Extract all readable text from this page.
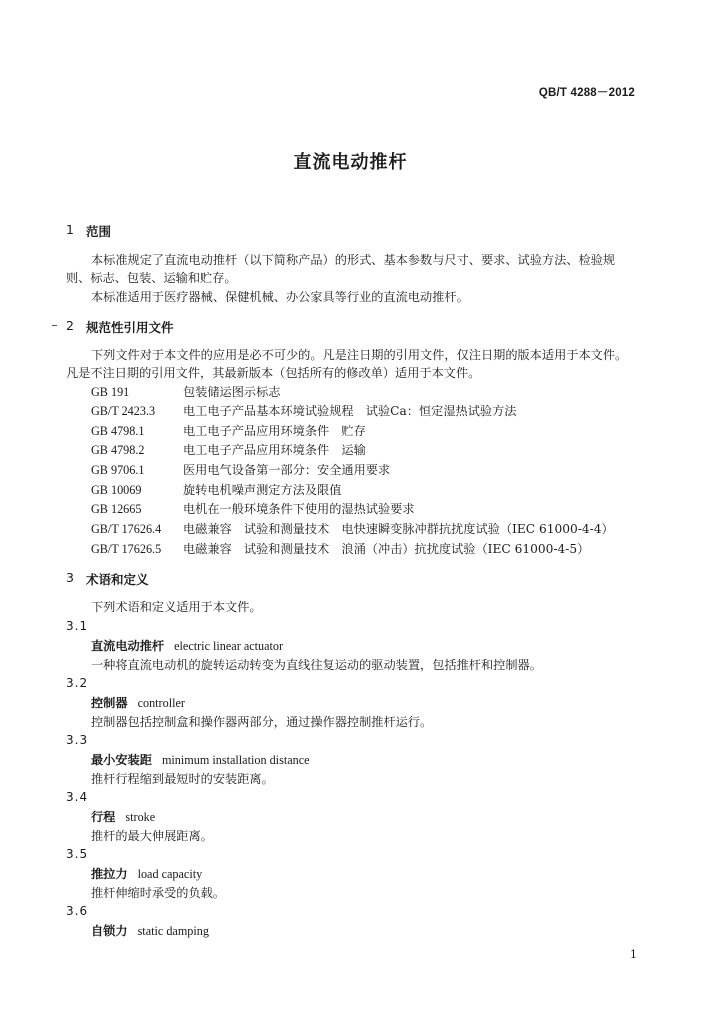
QB/T 4288－2012
直流电动推杆
1 范围
本标准规定了直流电动推杆（以下简称产品）的形式、基本参数与尺寸、要求、试验方法、检验规
则、标志、包装、运输和贮存。
本标准适用于医疗器械、保健机械、办公家具等行业的直流电动推杆。
2 规范性引用文件
下列文件对于本文件的应用是必不可少的。凡是注日期的引用文件，仅注日期的版本适用于本文件。
凡是不注日期的引用文件，其最新版本（包括所有的修改单）适用于本文件。
GB 191	包装储运图示标志
GB/T 2423.3 电工电子产品基本环境试验规程　试验Ca：恒定湿热试验方法
GB 4798.1	电工电子产品应用环境条件　贮存
GB 4798.2	电工电子产品应用环境条件　运输
GB 9706.1	医用电气设备第一部分：安全通用要求
GB 10069	旋转电机噪声测定方法及限值
GB 12665	电机在一般环境条件下使用的湿热试验要求
GB/T 17626.4 电磁兼容　试验和测量技术　电快速瞬变脉冲群抗扰度试验（IEC 61000-4-4）
GB/T 17626.5 电磁兼容　试验和测量技术　浪涌（冲击）抗扰度试验（IEC 61000-4-5）
3 术语和定义
下列术语和定义适用于本文件。
3.1
直流电动推杆 electric linear actuator
一种将直流电动机的旋转运动转变为直线往复运动的驱动装置，包括推杆和控制器。
3.2
控制器 controller
控制器包括控制盒和操作器两部分，通过操作器控制推杆运行。
3.3
最小安装距 minimum installation distance
推杆行程缩到最短时的安装距离。
3.4
行程 stroke
推杆的最大伸展距离。
3.5
推拉力 load capacity
推杆伸缩时承受的负载。
3.6
自锁力 static damping
1
